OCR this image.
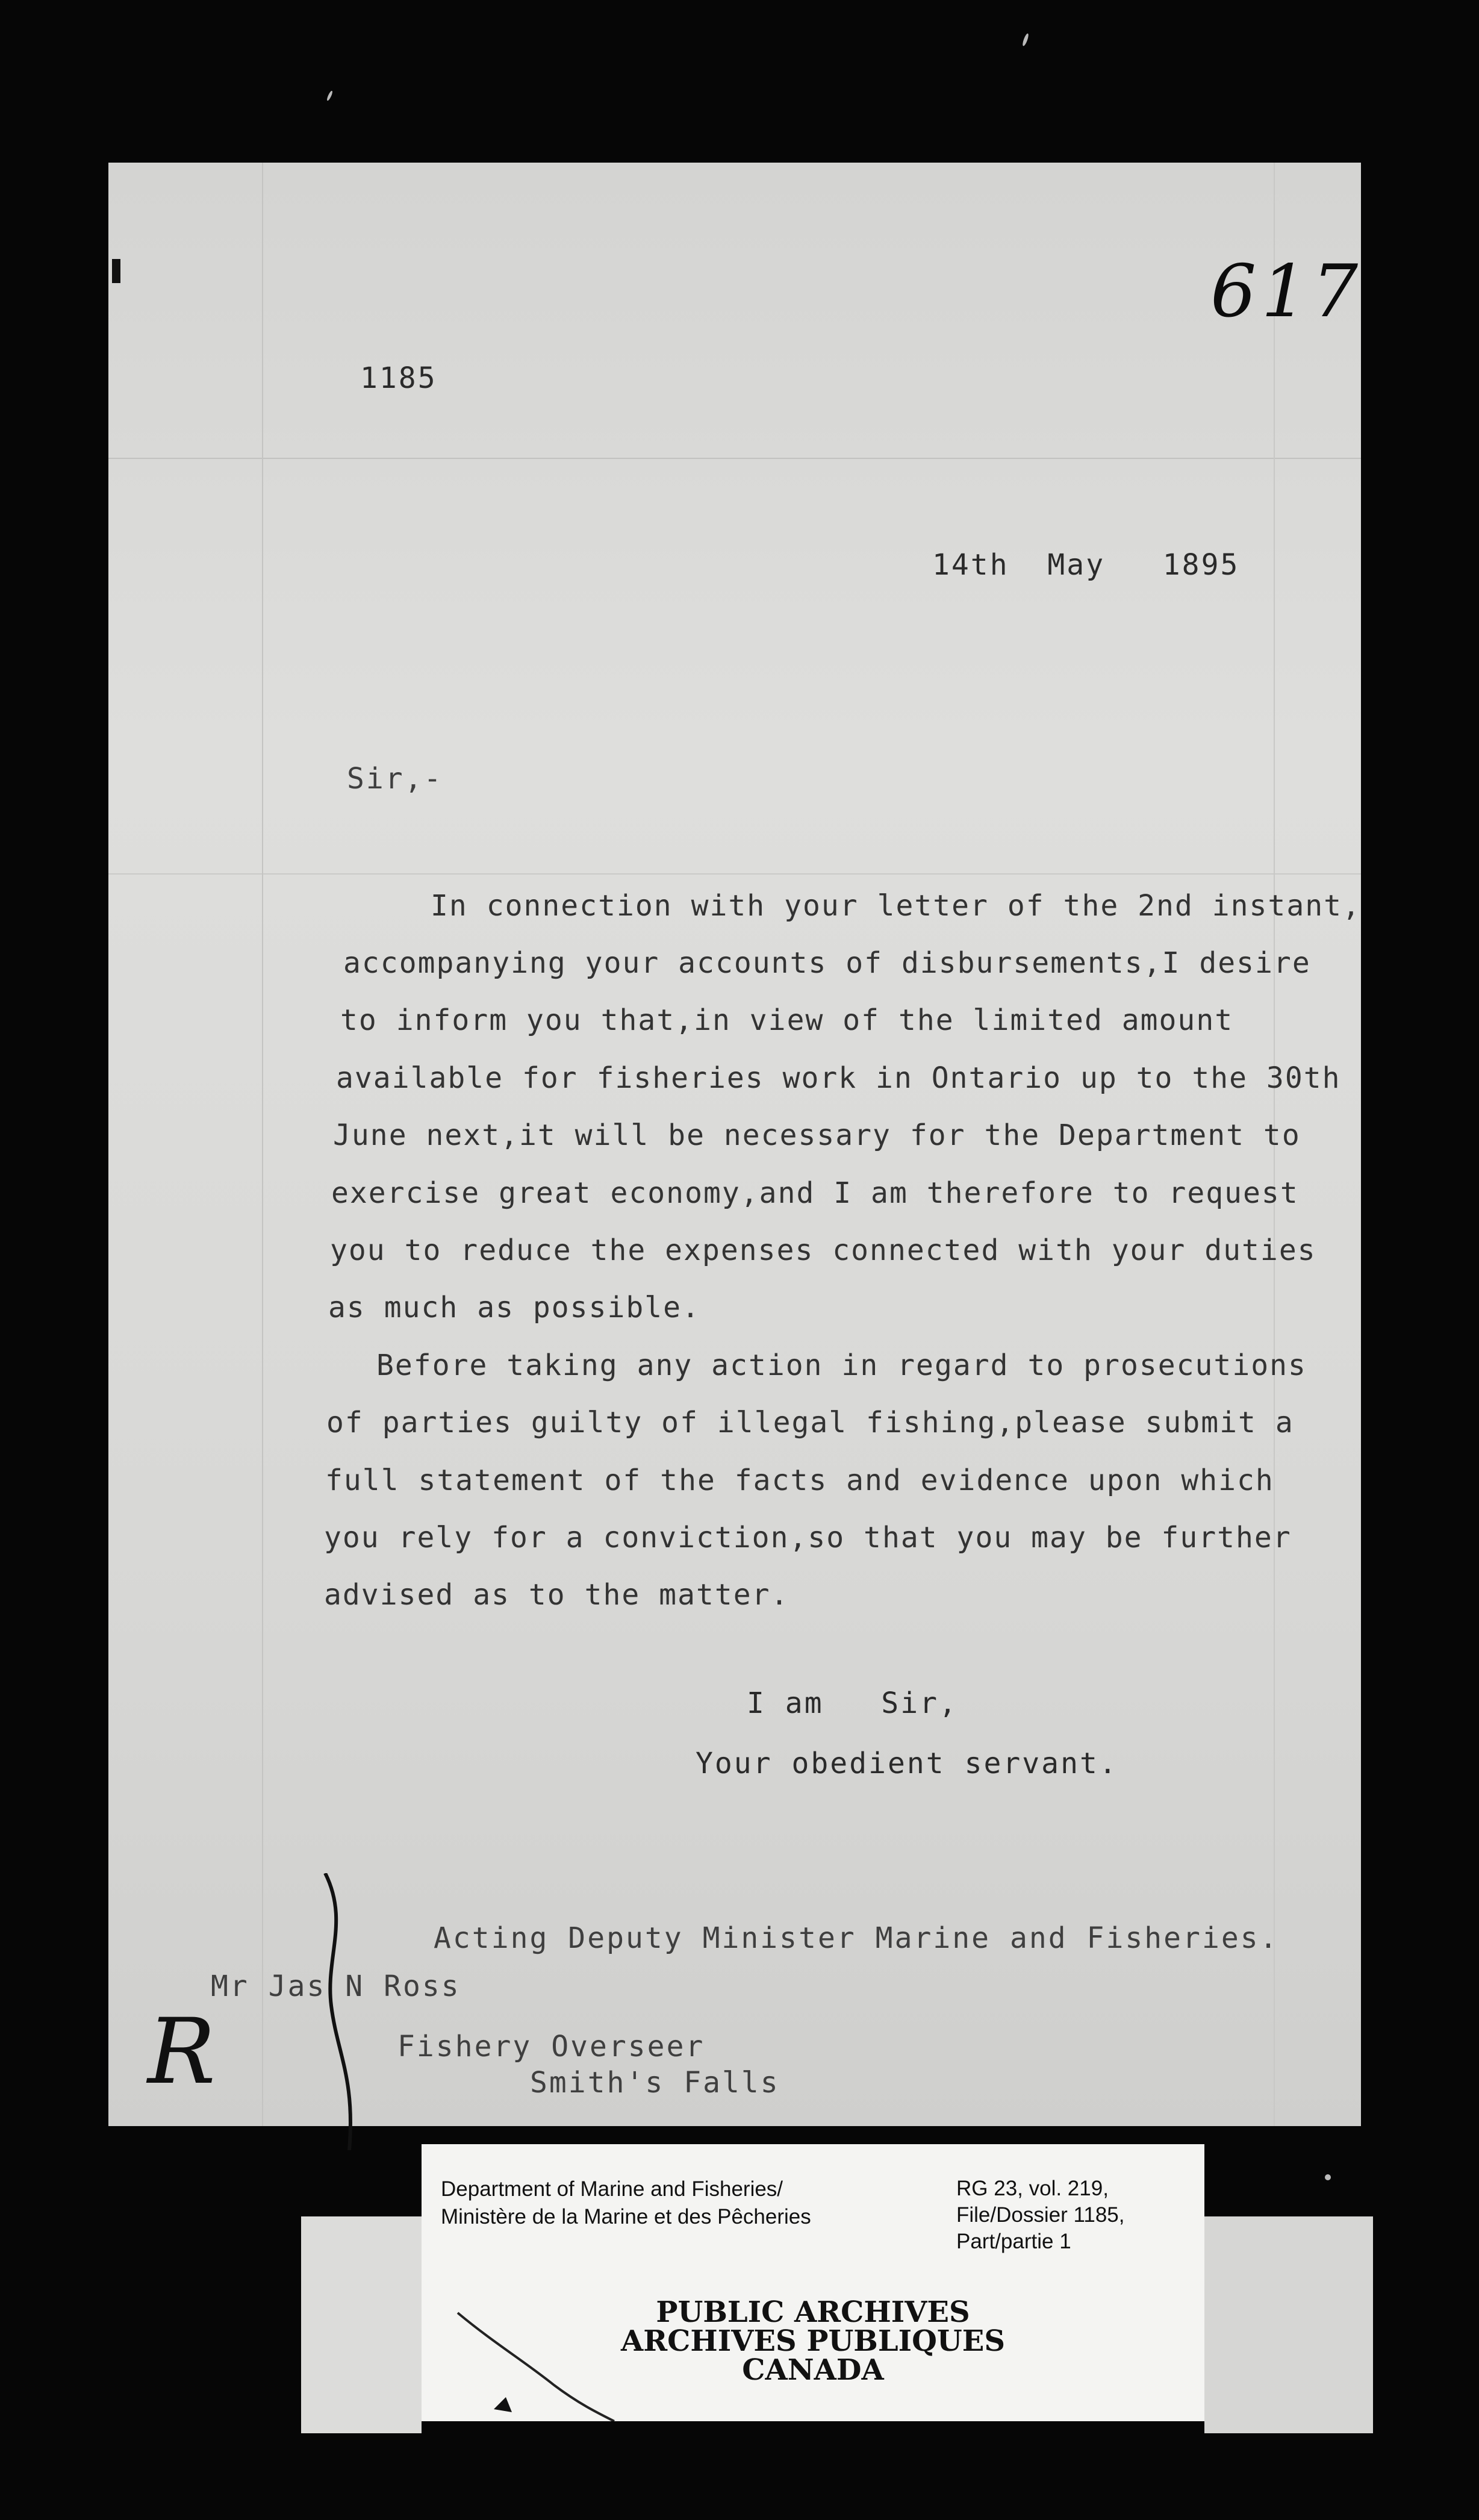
617
1185
14th  May   1895
Sir,-
In connection with your letter of the 2nd instant,
accompanying your accounts of disbursements,I desire
to inform you that,in view of the limited amount
available for fisheries work in Ontario up to the 30th
June next,it will be necessary for the Department to
exercise great economy,and I am therefore to request
you to reduce the expenses connected with your duties
as much as possible.
Before taking any action in regard to prosecutions
of parties guilty of illegal fishing,please submit a
full statement of the facts and evidence upon which
you rely for a conviction,so that you may be further
advised as to the matter.
I am   Sir,
Your obedient servant.
Acting Deputy Minister Marine and Fisheries.
Mr Jas N Ross
Fishery Overseer
Smith's Falls
R
Department of Marine and Fisheries/
Ministère de la Marine et des Pêcheries
RG 23, vol. 219,
File/Dossier 1185,
Part/partie 1
PUBLIC ARCHIVES
ARCHIVES PUBLIQUES
CANADA
